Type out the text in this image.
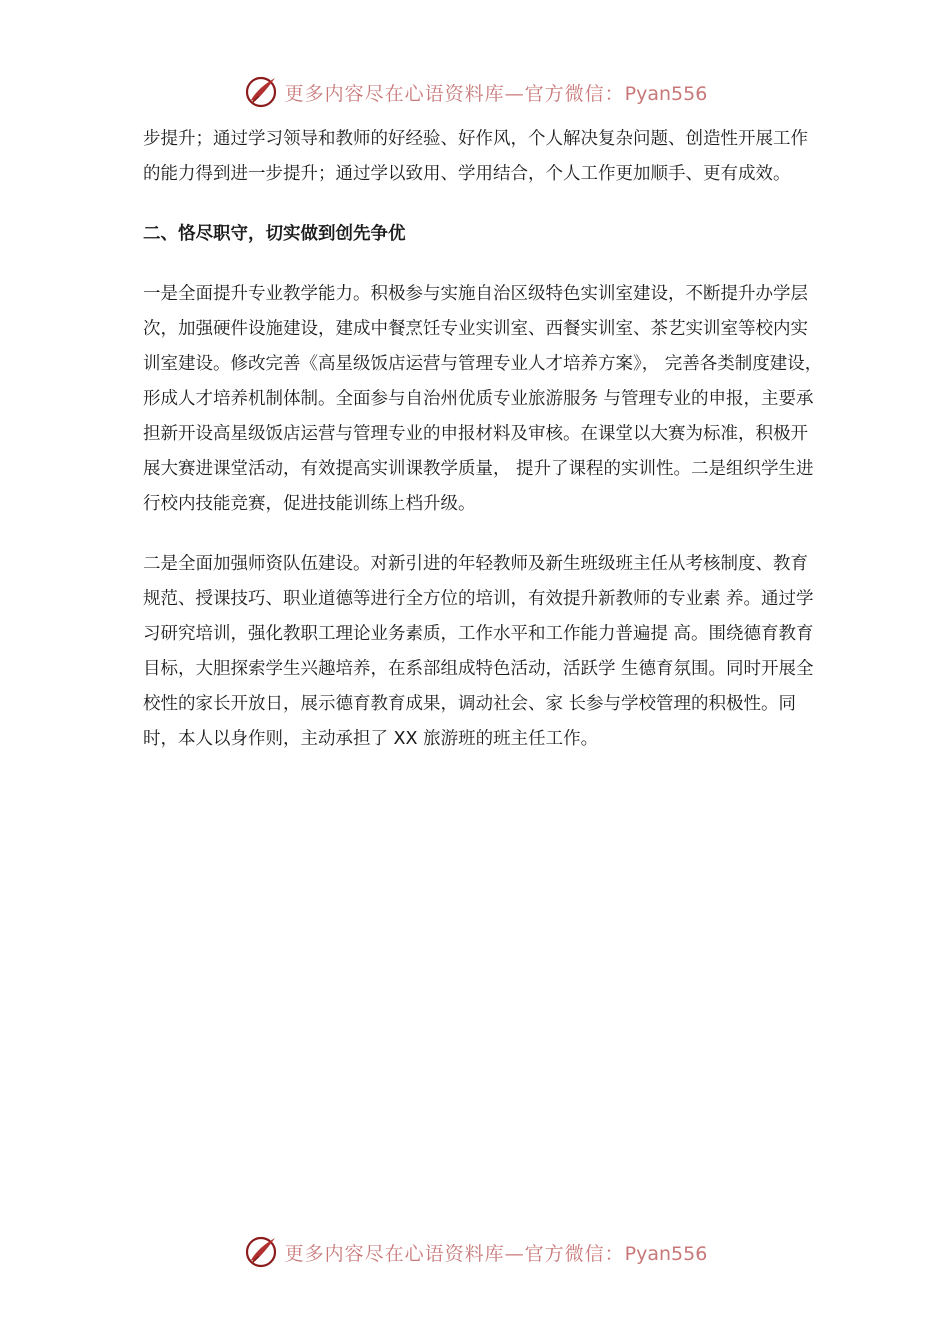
更多内容尽在心语资料库—官方微信：Pyan556

步提升；通过学习领导和教师的好经验、好作风，个人解决复杂问题、创造性开展工作的能力得到进一步提升；通过学以致用、学用结合，个人工作更加顺手、更有成效。

二、恪尽职守，切实做到创先争优

一是全面提升专业教学能力。积极参与实施自治区级特色实训室建设，不断提升办学层次，加强硬件设施建设，建成中餐烹饪专业实训室、西餐实训室、茶艺实训室等校内实训室建设。修改完善《高星级饭店运营与管理专业人才培养方案》， 完善各类制度建设，形成人才培养机制体制。全面参与自治州优质专业旅游服务 与管理专业的申报，主要承担新开设高星级饭店运营与管理专业的申报材料及审核。在课堂以大赛为标准，积极开展大赛进课堂活动，有效提高实训课教学质量， 提升了课程的实训性。二是组织学生进行校内技能竞赛，促进技能训练上档升级。

二是全面加强师资队伍建设。对新引进的年轻教师及新生班级班主任从考核制度、教育规范、授课技巧、职业道德等进行全方位的培训，有效提升新教师的专业素 养。通过学习研究培训，强化教职工理论业务素质，工作水平和工作能力普遍提 高。围绕德育教育目标，大胆探索学生兴趣培养，在系部组成特色活动，活跃学 生德育氛围。同时开展全校性的家长开放日，展示德育教育成果，调动社会、家 长参与学校管理的积极性。同时，本人以身作则，主动承担了 XX 旅游班的班主任工作。

更多内容尽在心语资料库—官方微信：Pyan556
